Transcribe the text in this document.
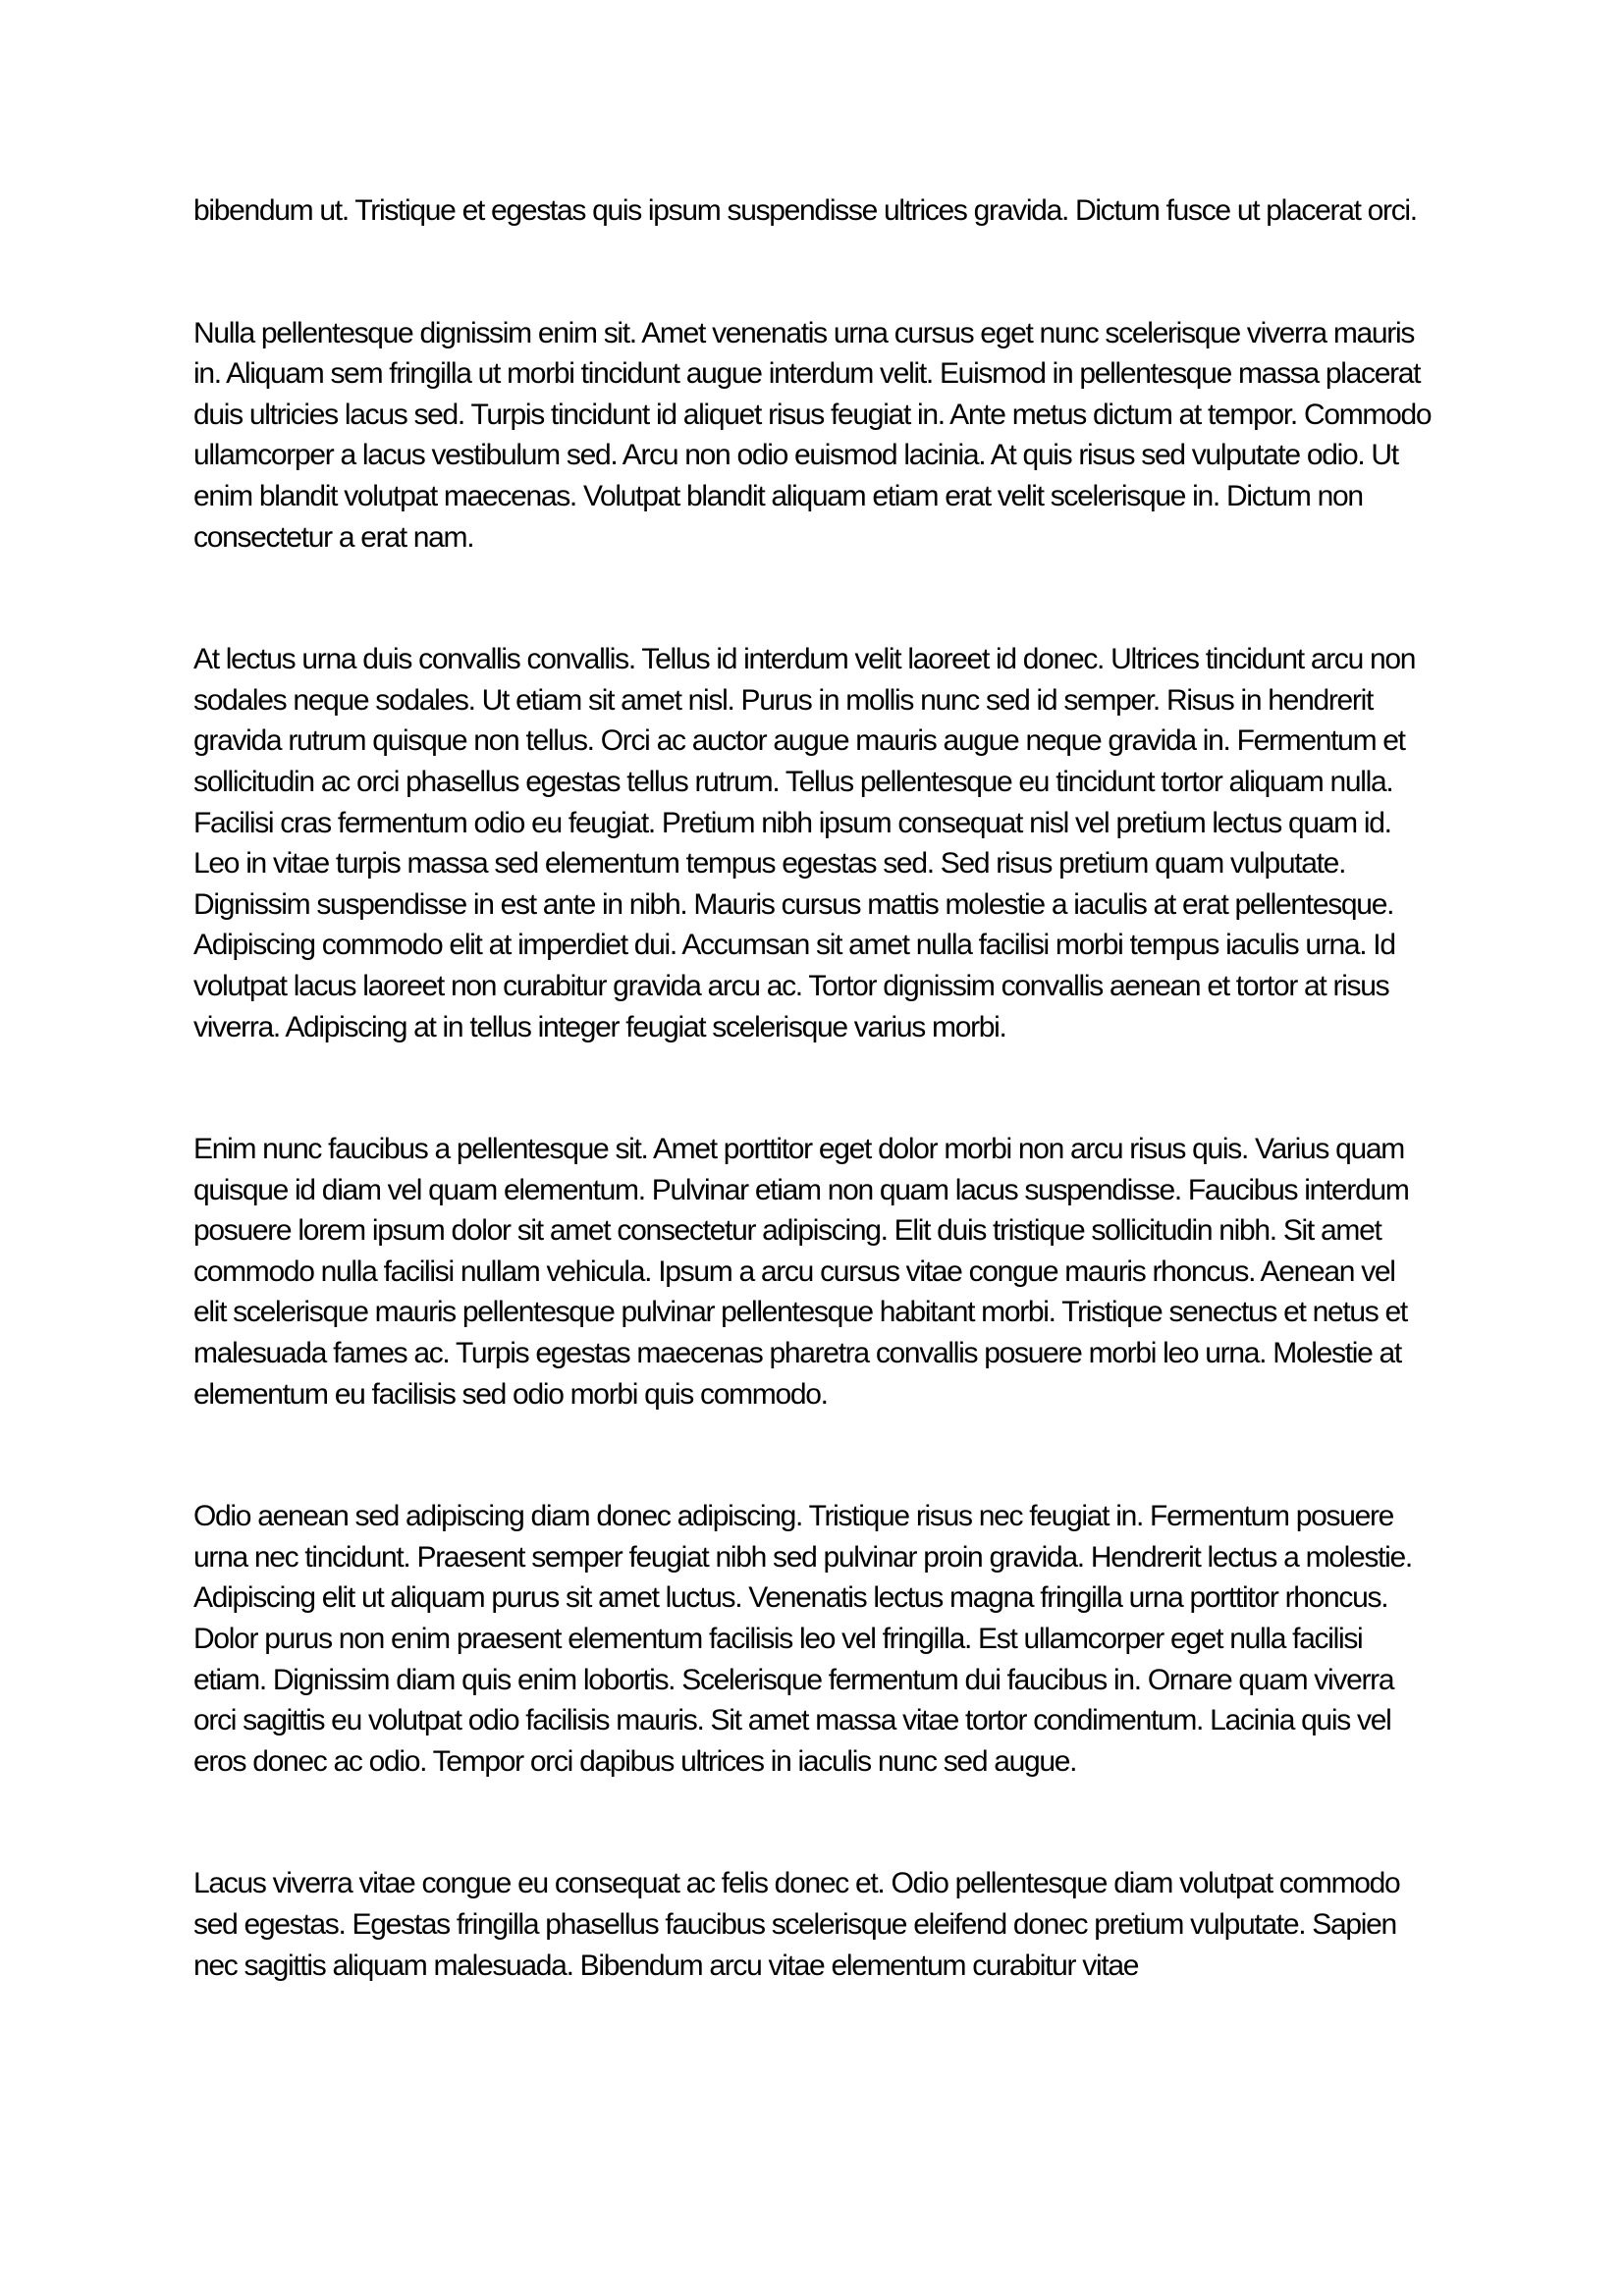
bibendum ut. Tristique et egestas quis ipsum suspendisse ultrices gravida. Dictum fusce ut placerat orci.

Nulla pellentesque dignissim enim sit. Amet venenatis urna cursus eget nunc scelerisque viverra mauris in. Aliquam sem fringilla ut morbi tincidunt augue interdum velit. Euismod in pellentesque massa placerat duis ultricies lacus sed. Turpis tincidunt id aliquet risus feugiat in. Ante metus dictum at tempor. Commodo ullamcorper a lacus vestibulum sed. Arcu non odio euismod lacinia. At quis risus sed vulputate odio. Ut enim blandit volutpat maecenas. Volutpat blandit aliquam etiam erat velit scelerisque in. Dictum non consectetur a erat nam.

At lectus urna duis convallis convallis. Tellus id interdum velit laoreet id donec. Ultrices tincidunt arcu non sodales neque sodales. Ut etiam sit amet nisl. Purus in mollis nunc sed id semper. Risus in hendrerit gravida rutrum quisque non tellus. Orci ac auctor augue mauris augue neque gravida in. Fermentum et sollicitudin ac orci phasellus egestas tellus rutrum. Tellus pellentesque eu tincidunt tortor aliquam nulla. Facilisi cras fermentum odio eu feugiat. Pretium nibh ipsum consequat nisl vel pretium lectus quam id. Leo in vitae turpis massa sed elementum tempus egestas sed. Sed risus pretium quam vulputate. Dignissim suspendisse in est ante in nibh. Mauris cursus mattis molestie a iaculis at erat pellentesque. Adipiscing commodo elit at imperdiet dui. Accumsan sit amet nulla facilisi morbi tempus iaculis urna. Id volutpat lacus laoreet non curabitur gravida arcu ac. Tortor dignissim convallis aenean et tortor at risus viverra. Adipiscing at in tellus integer feugiat scelerisque varius morbi.

Enim nunc faucibus a pellentesque sit. Amet porttitor eget dolor morbi non arcu risus quis. Varius quam quisque id diam vel quam elementum. Pulvinar etiam non quam lacus suspendisse. Faucibus interdum posuere lorem ipsum dolor sit amet consectetur adipiscing. Elit duis tristique sollicitudin nibh. Sit amet commodo nulla facilisi nullam vehicula. Ipsum a arcu cursus vitae congue mauris rhoncus. Aenean vel elit scelerisque mauris pellentesque pulvinar pellentesque habitant morbi. Tristique senectus et netus et malesuada fames ac. Turpis egestas maecenas pharetra convallis posuere morbi leo urna. Molestie at elementum eu facilisis sed odio morbi quis commodo.

Odio aenean sed adipiscing diam donec adipiscing. Tristique risus nec feugiat in. Fermentum posuere urna nec tincidunt. Praesent semper feugiat nibh sed pulvinar proin gravida. Hendrerit lectus a molestie. Adipiscing elit ut aliquam purus sit amet luctus. Venenatis lectus magna fringilla urna porttitor rhoncus. Dolor purus non enim praesent elementum facilisis leo vel fringilla. Est ullamcorper eget nulla facilisi etiam. Dignissim diam quis enim lobortis. Scelerisque fermentum dui faucibus in. Ornare quam viverra orci sagittis eu volutpat odio facilisis mauris. Sit amet massa vitae tortor condimentum. Lacinia quis vel eros donec ac odio. Tempor orci dapibus ultrices in iaculis nunc sed augue.

Lacus viverra vitae congue eu consequat ac felis donec et. Odio pellentesque diam volutpat commodo sed egestas. Egestas fringilla phasellus faucibus scelerisque eleifend donec pretium vulputate. Sapien nec sagittis aliquam malesuada. Bibendum arcu vitae elementum curabitur vitae
